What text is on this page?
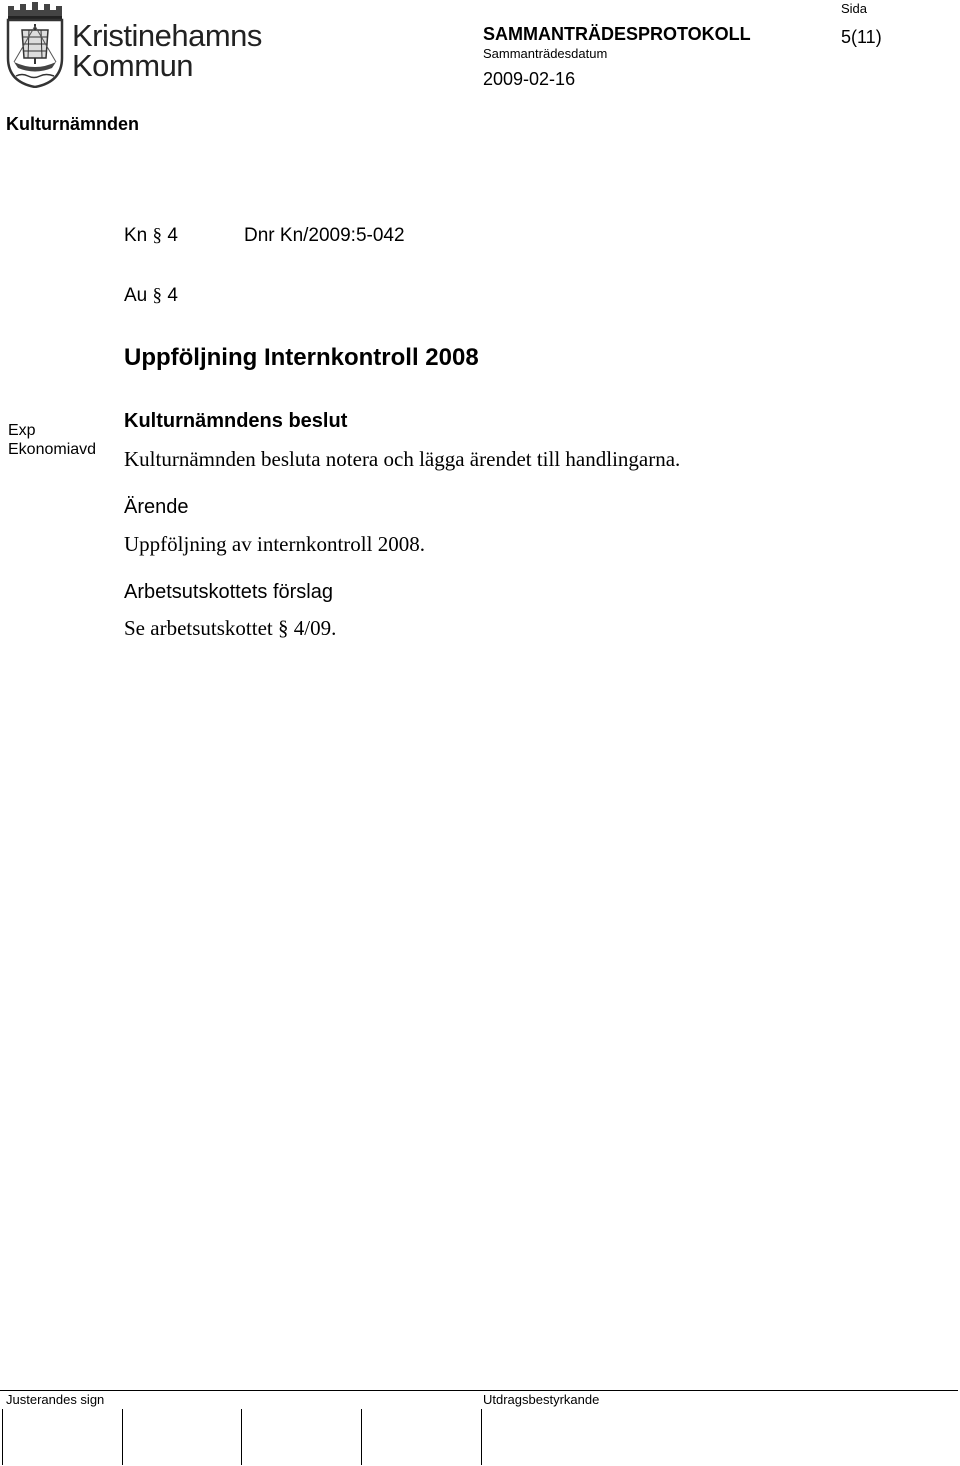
Kristinehamns
Kommun
SAMMANTRÄDESPROTOKOLL
Sammanträdesdatum
2009-02-16
Sida
5(11)
Kulturnämnden
Kn § 4	Dnr Kn/2009:5-042
Au § 4
Uppföljning Internkontroll 2008
Exp
Ekonomiavd
Kulturnämndens beslut
Kulturnämnden besluta notera och lägga ärendet till handlingarna.
Ärende
Uppföljning av internkontroll 2008.
Arbetsutskottets förslag
Se arbetsutskottet § 4/09.
Justerandes sign	Utdragsbestyrkande
